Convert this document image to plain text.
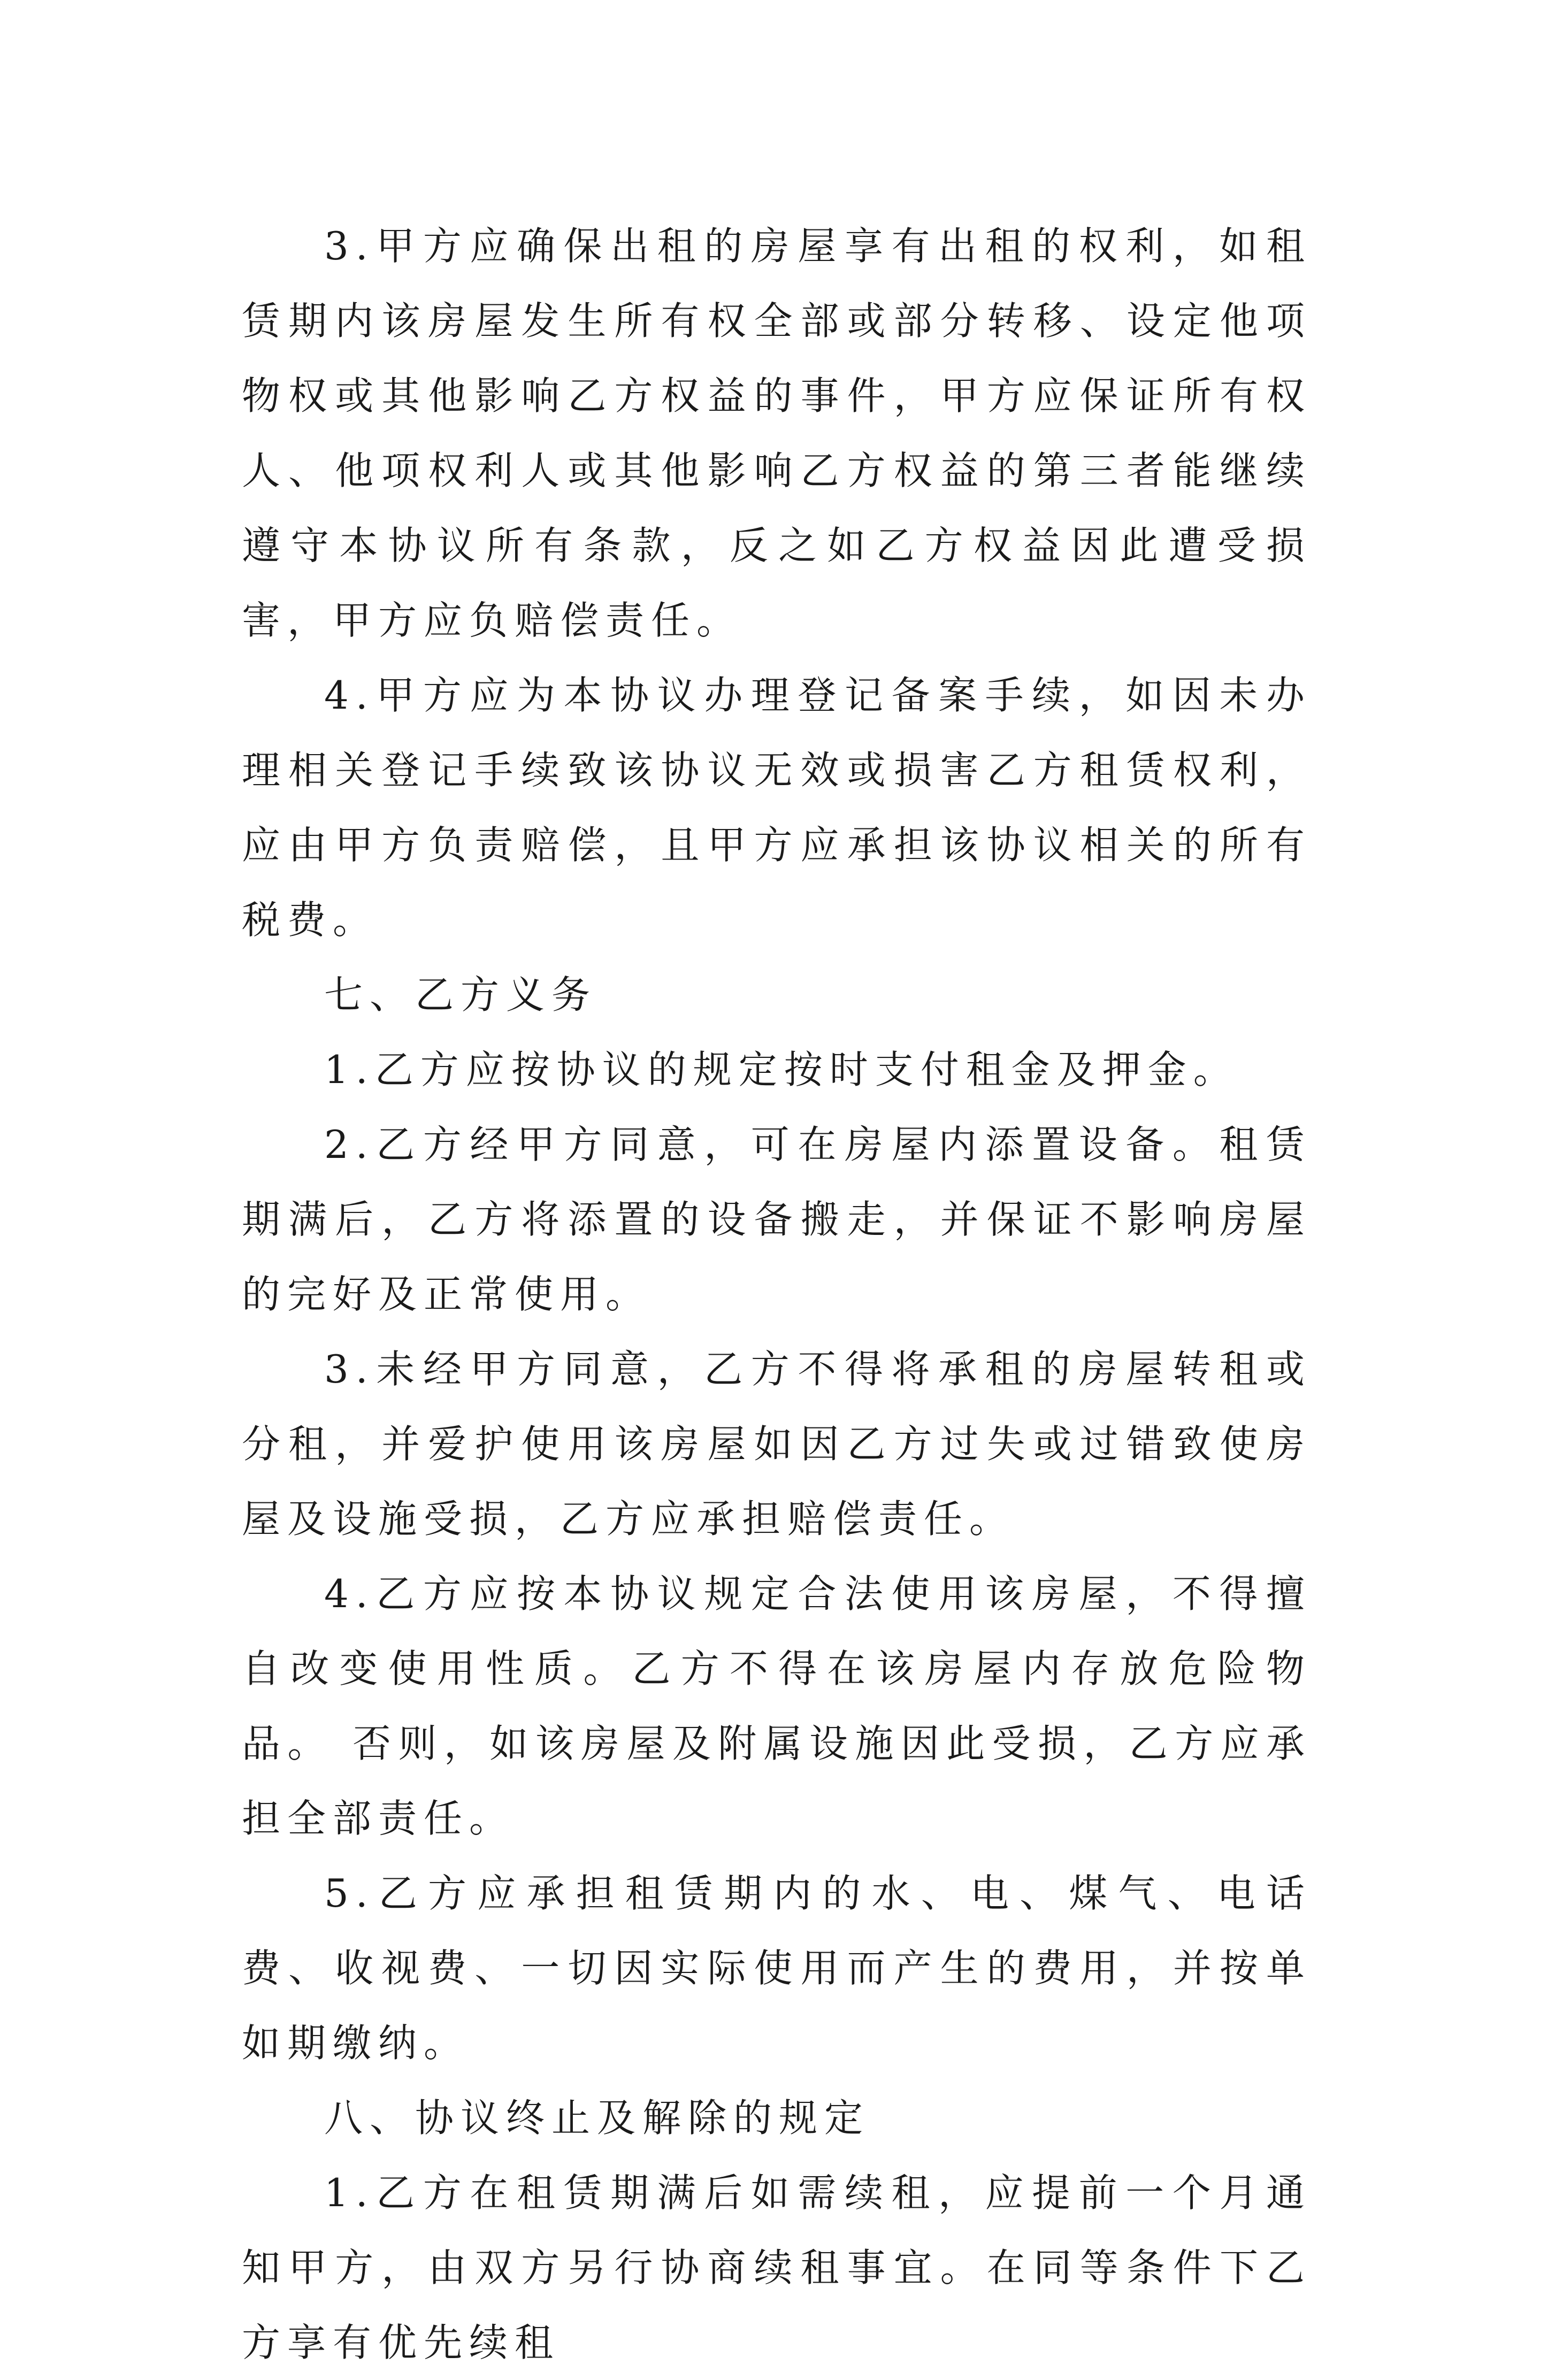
3.甲方应确保出租的房屋享有出租的权利，如租赁期内该房屋发生所有权全部或部分转移、设定他项物权或其他影响乙方权益的事件，甲方应保证所有权人、他项权利人或其他影响乙方权益的第三者能继续遵守本协议所有条款，反之如乙方权益因此遭受损害，甲方应负赔偿责任。

4.甲方应为本协议办理登记备案手续，如因未办理相关登记手续致该协议无效或损害乙方租赁权利，应由甲方负责赔偿，且甲方应承担该协议相关的所有税费。

七、乙方义务

1.乙方应按协议的规定按时支付租金及押金。

2.乙方经甲方同意，可在房屋内添置设备。租赁期满后，乙方将添置的设备搬走，并保证不影响房屋的完好及正常使用。

3.未经甲方同意，乙方不得将承租的房屋转租或分租，并爱护使用该房屋如因乙方过失或过错致使房屋及设施受损，乙方应承担赔偿责任。

4.乙方应按本协议规定合法使用该房屋，不得擅自改变使用性质。乙方不得在该房屋内存放危险物品。 否则，如该房屋及附属设施因此受损，乙方应承担全部责任。

5.乙方应承担租赁期内的水、电、煤气、电话费、收视费、一切因实际使用而产生的费用，并按单如期缴纳。

八、协议终止及解除的规定

1.乙方在租赁期满后如需续租，应提前一个月通知甲方，由双方另行协商续租事宜。在同等条件下乙方享有优先续租
